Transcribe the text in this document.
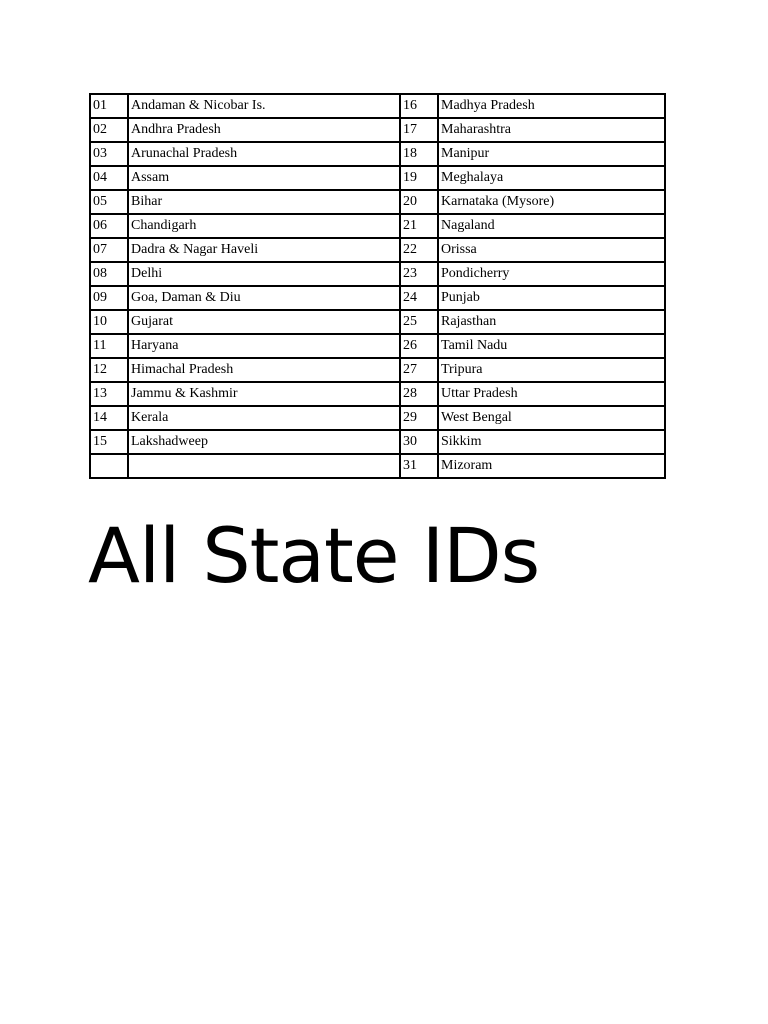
01	Andaman & Nicobar Is.	16	Madhya Pradesh
02	Andhra Pradesh	17	Maharashtra
03	Arunachal Pradesh	18	Manipur
04	Assam	19	Meghalaya
05	Bihar	20	Karnataka (Mysore)
06	Chandigarh	21	Nagaland
07	Dadra & Nagar Haveli	22	Orissa
08	Delhi	23	Pondicherry
09	Goa, Daman & Diu	24	Punjab
10	Gujarat	25	Rajasthan
11	Haryana	26	Tamil Nadu
12	Himachal Pradesh	27	Tripura
13	Jammu & Kashmir	28	Uttar Pradesh
14	Kerala	29	West Bengal
15	Lakshadweep	30	Sikkim
		31	Mizoram
All State IDs
